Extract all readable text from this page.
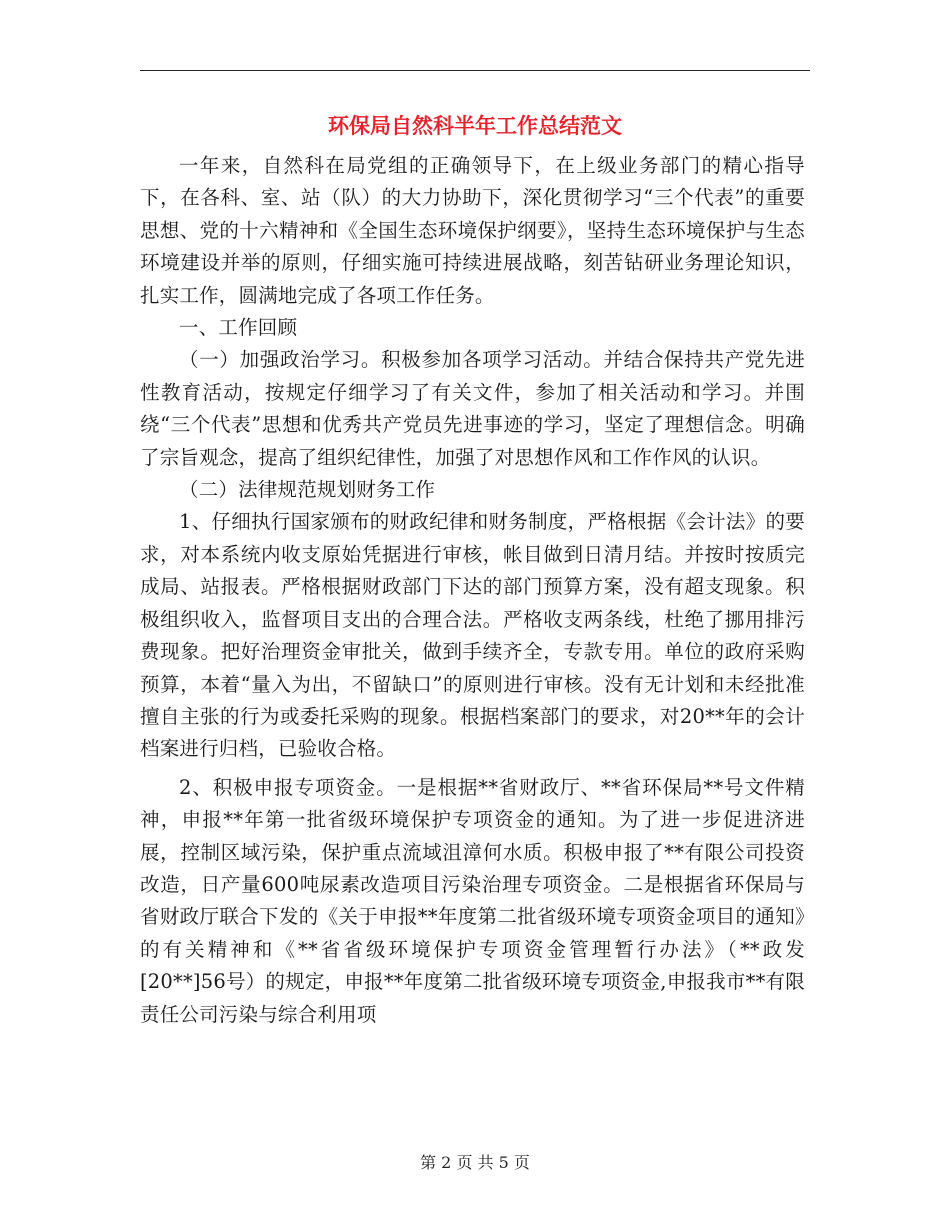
环保局自然科半年工作总结范文

一年来，自然科在局党组的正确领导下，在上级业务部门的精心指导下，在各科、室、站（队）的大力协助下，深化贯彻学习“三个代表”的重要思想、党的十六精神和《全国生态环境保护纲要》，坚持生态环境保护与生态环境建设并举的原则，仔细实施可持续进展战略，刻苦钻研业务理论知识，扎实工作，圆满地完成了各项工作任务。

一、工作回顾

（一）加强政治学习。积极参加各项学习活动。并结合保持共产党先进性教育活动，按规定仔细学习了有关文件，参加了相关活动和学习。并围绕“三个代表”思想和优秀共产党员先进事迹的学习，坚定了理想信念。明确了宗旨观念，提高了组织纪律性，加强了对思想作风和工作作风的认识。

（二）法律规范规划财务工作

1、仔细执行国家颁布的财政纪律和财务制度，严格根据《会计法》的要求，对本系统内收支原始凭据进行审核，帐目做到日清月结。并按时按质完成局、站报表。严格根据财政部门下达的部门预算方案，没有超支现象。积极组织收入，监督项目支出的合理合法。严格收支两条线，杜绝了挪用排污费现象。把好治理资金审批关，做到手续齐全，专款专用。单位的政府采购预算，本着“量入为出，不留缺口”的原则进行审核。没有无计划和未经批准擅自主张的行为或委托采购的现象。根据档案部门的要求，对20**年的会计档案进行归档，已验收合格。

2、积极申报专项资金。一是根据**省财政厅、**省环保局**号文件精神，申报**年第一批省级环境保护专项资金的通知。为了进一步促进济进展，控制区域污染，保护重点流域沮漳何水质。积极申报了**有限公司投资改造，日产量600吨尿素改造项目污染治理专项资金。二是根据省环保局与省财政厅联合下发的《关于申报**年度第二批省级环境专项资金项目的通知》的有关精神和《**省省级环境保护专项资金管理暂行办法》（**政发[20**]56号）的规定，申报**年度第二批省级环境专项资金,申报我市**有限责任公司污染与综合利用项

第 2 页 共 5 页
